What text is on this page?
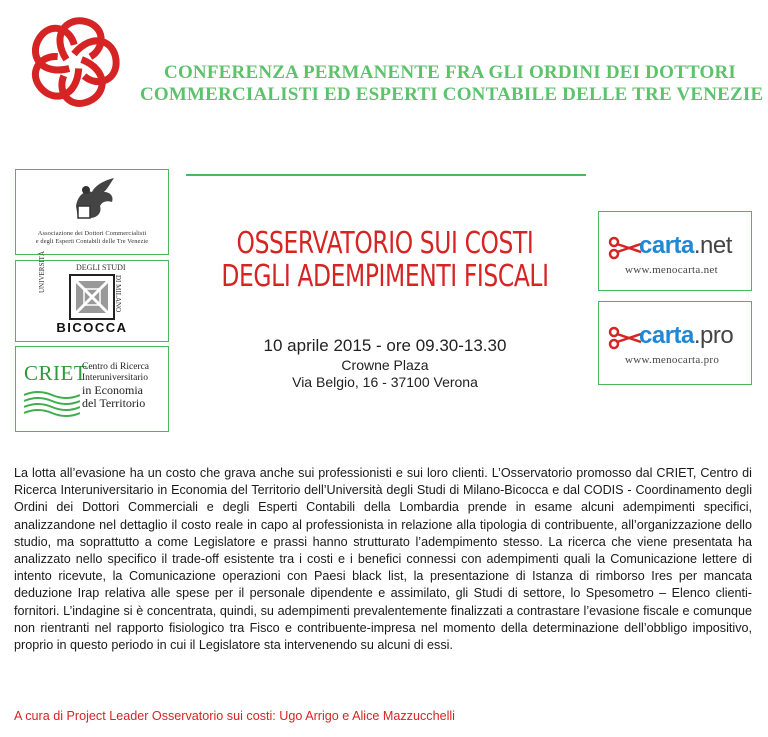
CONFERENZA PERMANENTE FRA GLI ORDINI DEI DOTTORI
COMMERCIALISTI ED ESPERTI CONTABILE DELLE TRE VENEZIE
Associazione dei Dottori Commercialisti
e degli Esperti Contabili delle Tre Venezie
UNIVERSITÀ	DEGLI STUDI
DI MILANO
BICOCCA
CRIET
Centro di Ricerca
Interuniversitario
in Economia
del Territorio
OSSERVATORIO SUI COSTI
DEGLI ADEMPIMENTI FISCALI
10 aprile 2015 - ore 09.30-13.30
Crowne Plaza
Via Belgio, 16 - 37100 Verona
carta.net
www.menocarta.net
carta.pro
www.menocarta.pro
La lotta all’evasione ha un costo che grava anche sui professionisti e sui loro clienti. L’Osservatorio promosso dal CRIET, Centro di Ricerca Interuniversitario in Economia del Territorio dell’Università degli Studi di Milano-Bicocca e dal CODIS - Coordinamento degli Ordini dei Dottori Commerciali e degli Esperti Contabili della Lombardia prende in esame alcuni adempimenti specifici, analizzandone nel dettaglio il costo reale in capo al professionista in relazione alla tipologia di contribuente, all’organizzazione dello studio, ma soprattutto a come Legislatore e prassi hanno strutturato l’adempimento stesso. La ricerca che viene presentata ha analizzato nello specifico il trade-off esistente tra i costi e i benefici connessi con adempimenti quali la Comunicazione lettere di intento ricevute, la Comunicazione operazioni con Paesi black list, la presentazione di Istanza di rimborso Ires per mancata deduzione Irap relativa alle spese per il personale dipendente e assimilato, gli Studi di settore, lo Spesometro – Elenco clienti-fornitori. L’indagine si è concentrata, quindi, su adempimenti prevalentemente finalizzati a contrastare l’evasione fiscale e comunque non rientranti nel rapporto fisiologico tra Fisco e contribuente-impresa nel momento della determinazione dell’obbligo impositivo, proprio in questo periodo in cui il Legislatore sta intervenendo su alcuni di essi.
A cura di Project Leader Osservatorio sui costi: Ugo Arrigo e Alice Mazzucchelli
